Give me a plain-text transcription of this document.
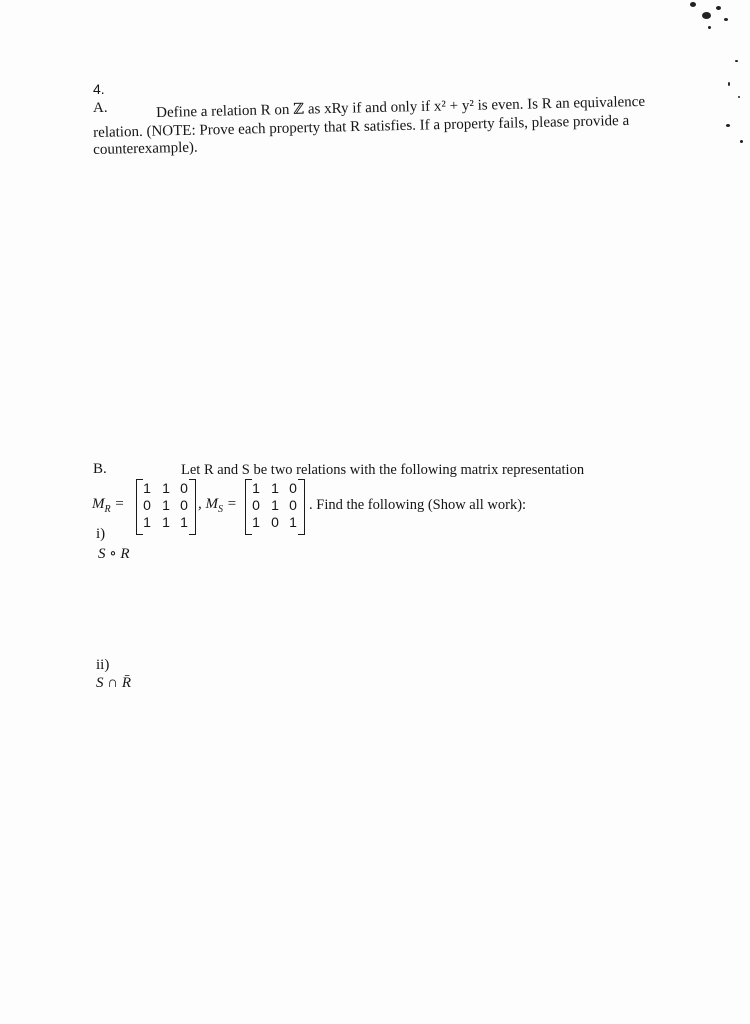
4.
A.	Define a relation R on ℤ as xRy if and only if x² + y² is even. Is R an equivalence
relation. (NOTE: Prove each property that R satisfies. If a property fails, please provide a
counterexample).
B.	Let R and S be two relations with the following matrix representation
$M_R$ =
1 1 0
0 1 0
1 1 1
, $M_S$ =
1 1 0
0 1 0
1 0 1
. Find the following (Show all work):
i)
S ∘ R
ii)
S ∩ R̄
